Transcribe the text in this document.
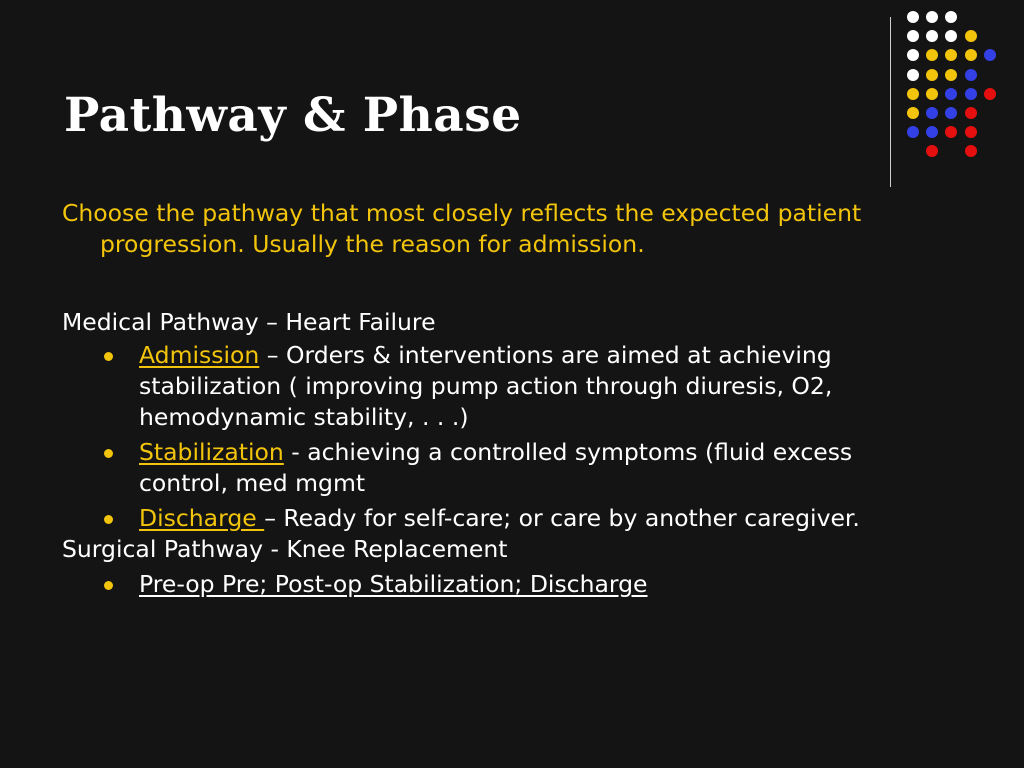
Pathway & Phase

Choose the pathway that most closely reflects the expected patient progression. Usually the reason for admission.

Medical Pathway – Heart Failure

Admission – Orders & interventions are aimed at achieving stabilization ( improving pump action through diuresis, O2, hemodynamic stability, . . .)
Stabilization - achieving a controlled symptoms (fluid excess control, med mgmt
Discharge – Ready for self-care; or care by another caregiver.

Surgical Pathway - Knee Replacement

Pre-op Pre; Post-op Stabilization; Discharge
